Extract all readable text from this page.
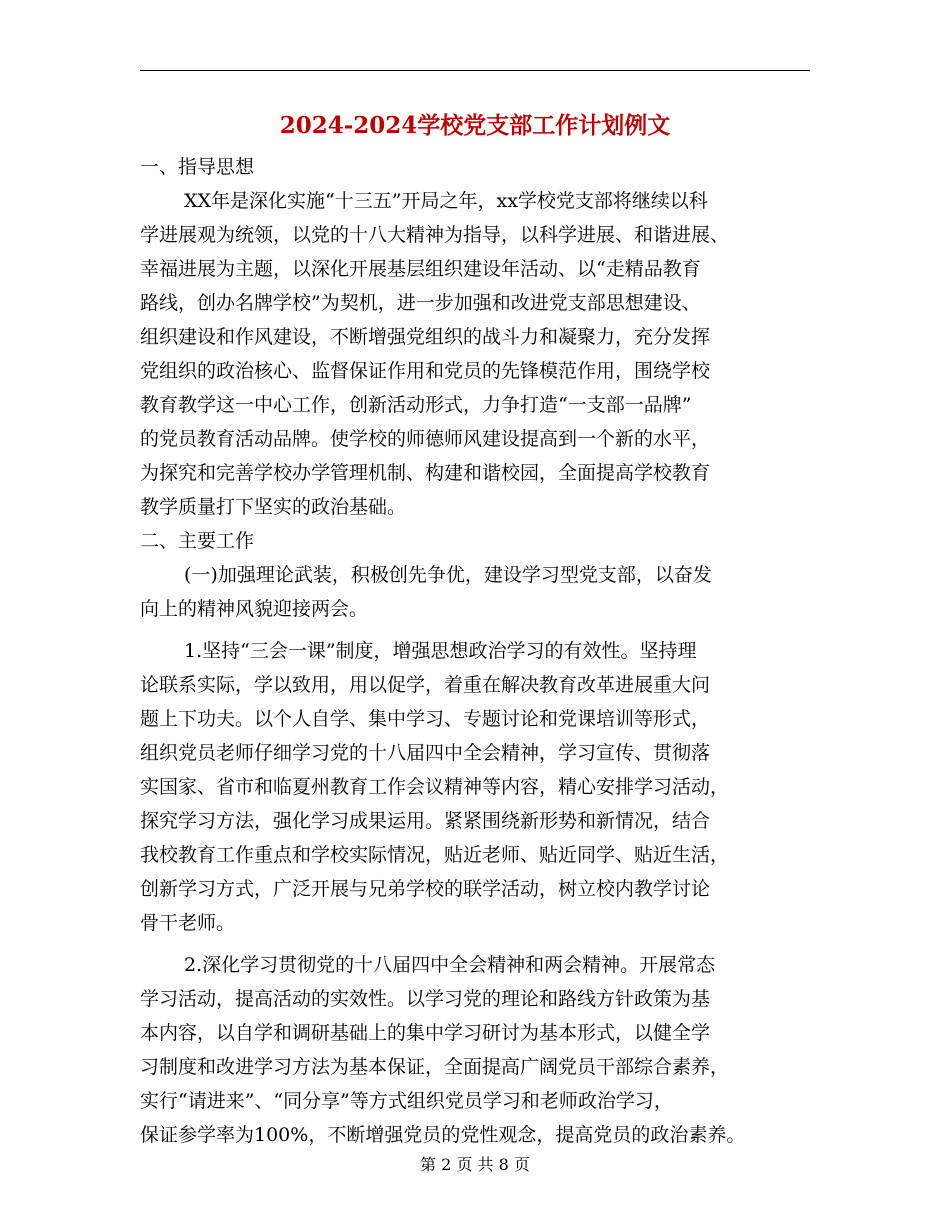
2024-2024学校党支部工作计划例文

一、指导思想

XX年是深化实施“十三五”开局之年，xx学校党支部将继续以科
学进展观为统领，以党的十八大精神为指导，以科学进展、和谐进展、
幸福进展为主题，以深化开展基层组织建设年活动、以“走精品教育
路线，创办名牌学校”为契机，进一步加强和改进党支部思想建设、
组织建设和作风建设，不断增强党组织的战斗力和凝聚力，充分发挥
党组织的政治核心、监督保证作用和党员的先锋模范作用，围绕学校
教育教学这一中心工作，创新活动形式，力争打造“一支部一品牌”
的党员教育活动品牌。使学校的师德师风建设提高到一个新的水平，
为探究和完善学校办学管理机制、构建和谐校园，全面提高学校教育
教学质量打下坚实的政治基础。

二、主要工作

(一)加强理论武装，积极创先争优，建设学习型党支部，以奋发
向上的精神风貌迎接两会。

1.坚持“三会一课”制度，增强思想政治学习的有效性。坚持理
论联系实际，学以致用，用以促学，着重在解决教育改革进展重大问
题上下功夫。以个人自学、集中学习、专题讨论和党课培训等形式，
组织党员老师仔细学习党的十八届四中全会精神，学习宣传、贯彻落
实国家、省市和临夏州教育工作会议精神等内容，精心安排学习活动，
探究学习方法，强化学习成果运用。紧紧围绕新形势和新情况，结合
我校教育工作重点和学校实际情况，贴近老师、贴近同学、贴近生活，
创新学习方式，广泛开展与兄弟学校的联学活动，树立校内教学讨论
骨干老师。

2.深化学习贯彻党的十八届四中全会精神和两会精神。开展常态
学习活动，提高活动的实效性。以学习党的理论和路线方针政策为基
本内容，以自学和调研基础上的集中学习研讨为基本形式，以健全学
习制度和改进学习方法为基本保证，全面提高广阔党员干部综合素养，
实行“请进来”、“同分享”等方式组织党员学习和老师政治学习，
保证参学率为100%，不断增强党员的党性观念，提高党员的政治素养。

第 2 页 共 8 页
